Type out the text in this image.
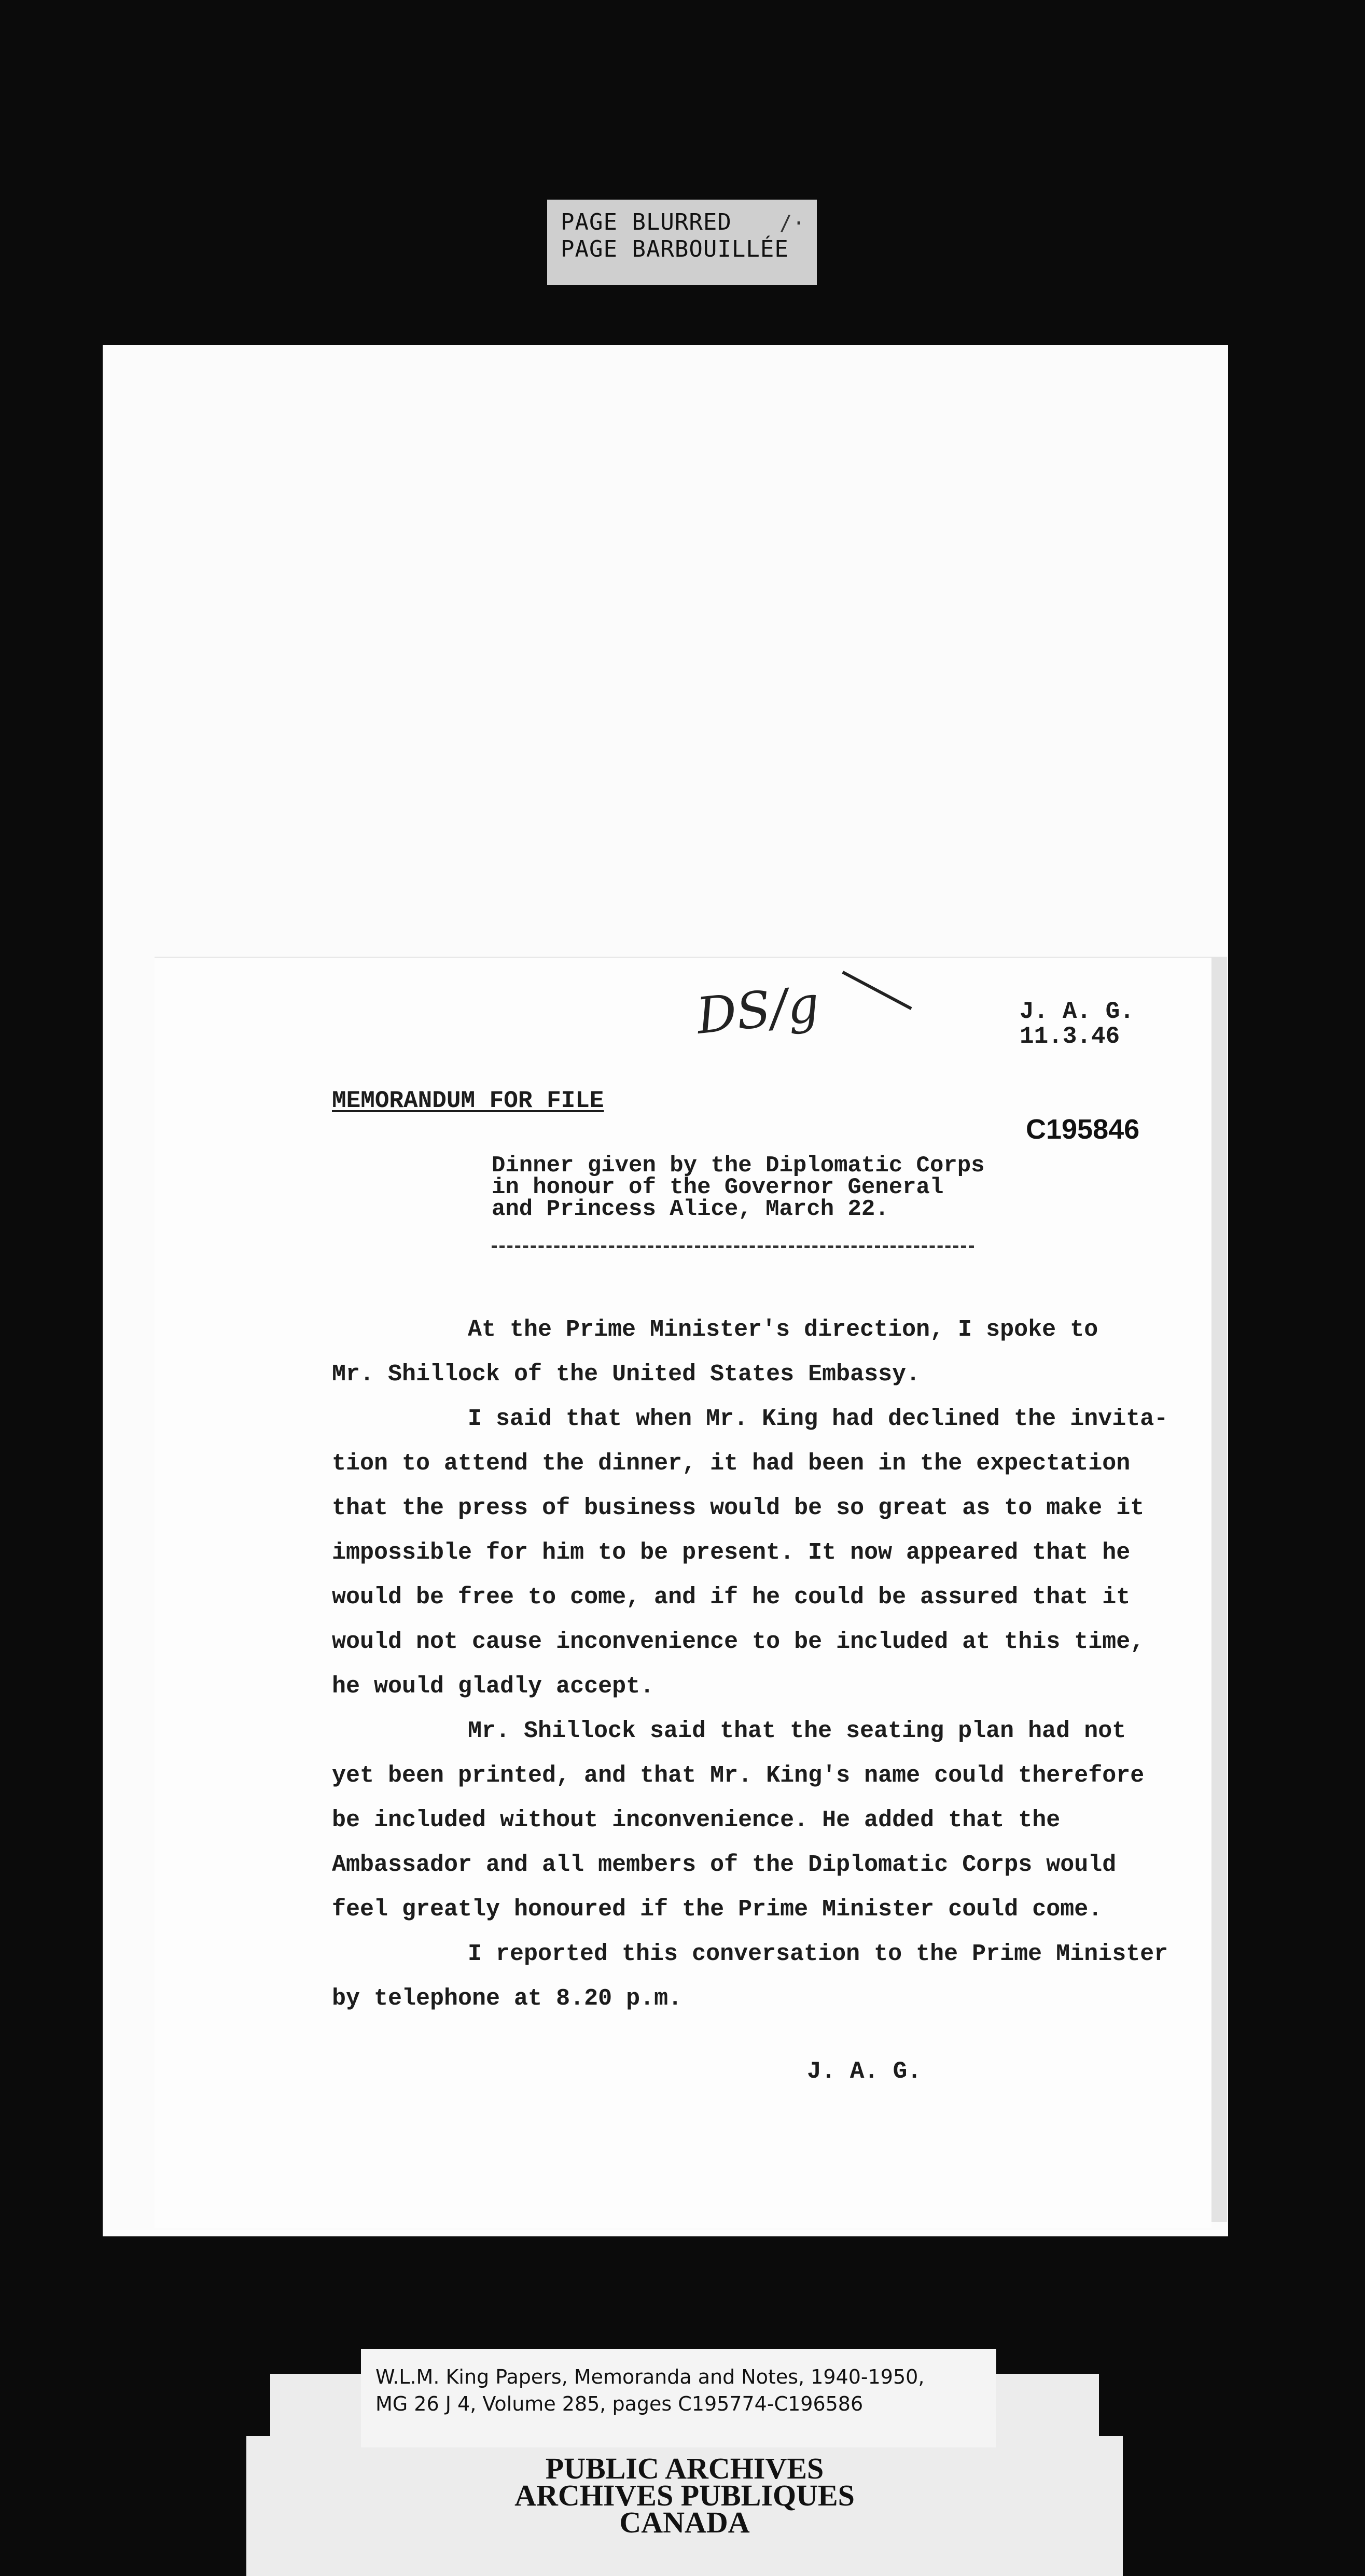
PAGE BLURRED
PAGE BARBOUILLÉE
/·
DS/g	J. A. G.
11.3.46
C195846
MEMORANDUM FOR FILE
Dinner given by the Diplomatic Corps
in honour of the Governor General
and Princess Alice, March 22.
At the Prime Minister's direction, I spoke to
Mr. Shillock of the United States Embassy.
I said that when Mr. King had declined the invita-
tion to attend the dinner, it had been in the expectation
that the press of business would be so great as to make it
impossible for him to be present. It now appeared that he
would be free to come, and if he could be assured that it
would not cause inconvenience to be included at this time,
he would gladly accept.
Mr. Shillock said that the seating plan had not
yet been printed, and that Mr. King's name could therefore
be included without inconvenience. He added that the
Ambassador and all members of the Diplomatic Corps would
feel greatly honoured if the Prime Minister could come.
I reported this conversation to the Prime Minister
by telephone at 8.20 p.m.
J. A. G.
W.L.M. King Papers, Memoranda and Notes, 1940-1950,
MG 26 J 4, Volume 285, pages C195774-C196586
PUBLIC ARCHIVES
ARCHIVES PUBLIQUES
CANADA
